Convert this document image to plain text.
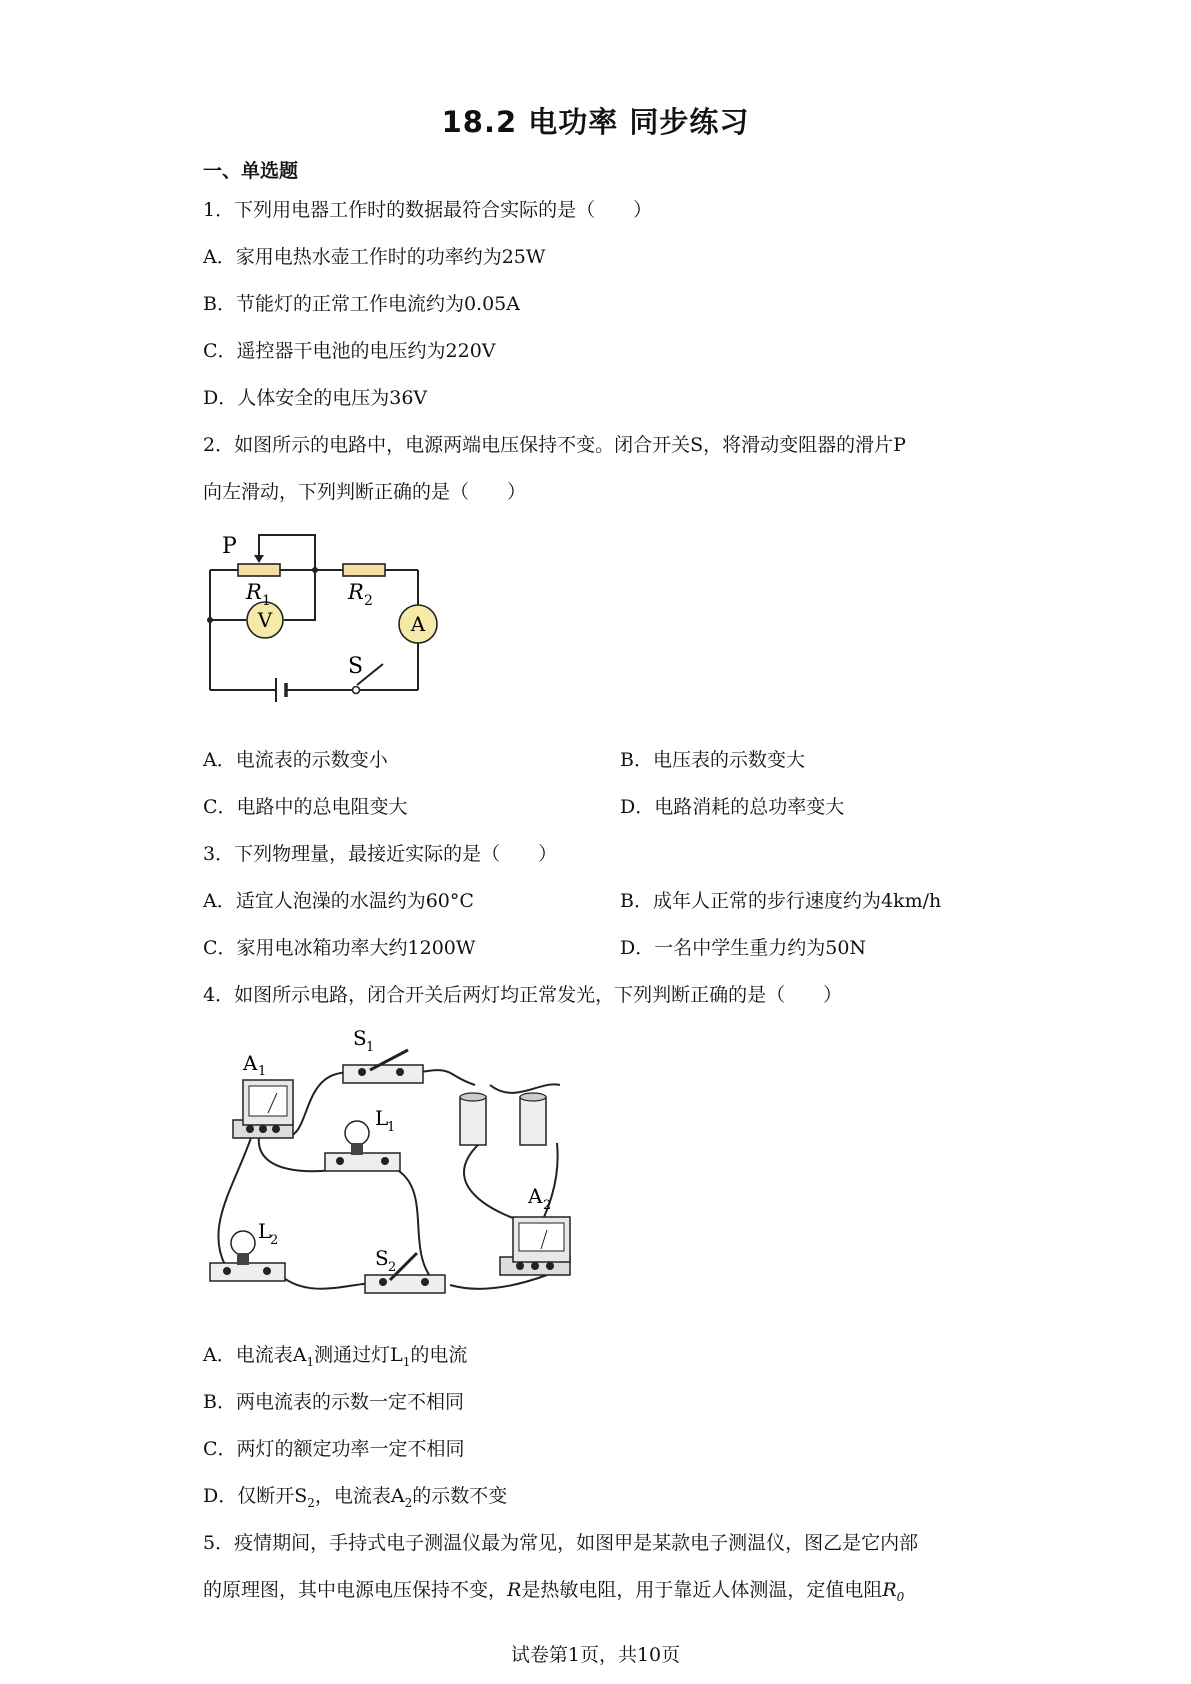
18.2 电功率 同步练习
一、单选题
1．下列用电器工作时的数据最符合实际的是（　　）
A．家用电热水壶工作时的功率约为25W
B．节能灯的正常工作电流约为0.05A
C．遥控器干电池的电压约为220V
D．人体安全的电压为36V
2．如图所示的电路中，电源两端电压保持不变。闭合开关S，将滑动变阻器的滑片P
向左滑动，下列判断正确的是（　　）
V	A
P
R 1	R 2
S
A．电流表的示数变小	B．电压表的示数变大
C．电路中的总电阻变大	D．电路消耗的总功率变大
3．下列物理量，最接近实际的是（　　）
A．适宜人泡澡的水温约为60°C	B．成年人正常的步行速度约为4km/h
C．家用电冰箱功率大约1200W	D．一名中学生重力约为50N
4．如图所示电路，闭合开关后两灯均正常发光，下列判断正确的是（　　）
A 1
S 1
L
1
A 2
L
2
S 2
A．电流表$A_1$测通过灯$L_1$的电流
B．两电流表的示数一定不相同
C．两灯的额定功率一定不相同
D．仅断开$S_2$，电流表$A_2$的示数不变
5．疫情期间，手持式电子测温仪最为常见，如图甲是某款电子测温仪，图乙是它内部
的原理图，其中电源电压保持不变，R是热敏电阻，用于靠近人体测温，定值电阻$R_0$
试卷第1页，共10页
